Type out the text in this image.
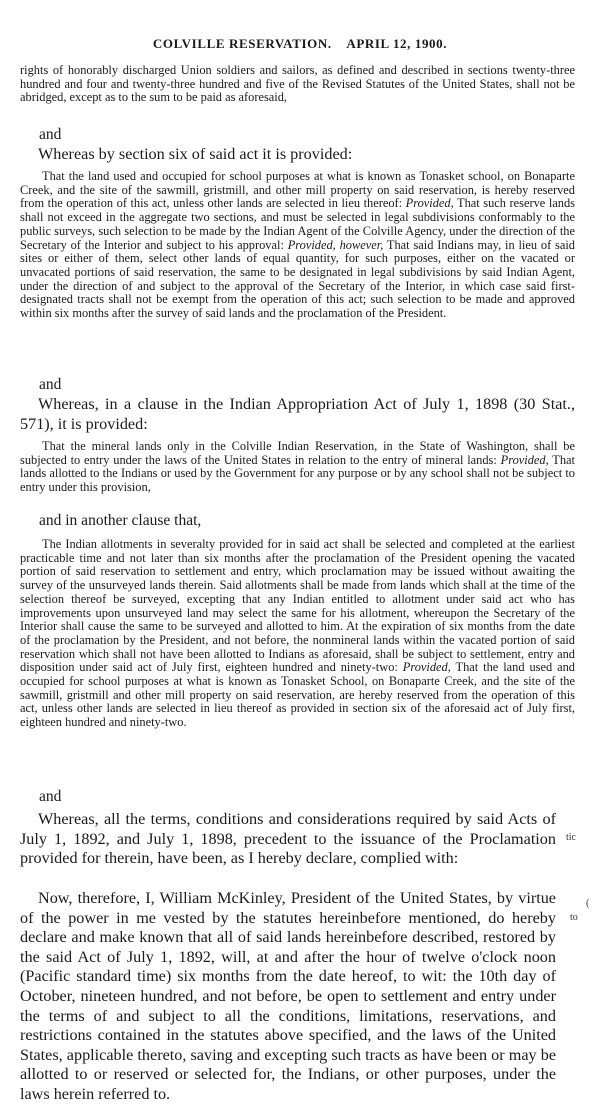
COLVILLE RESERVATION.    APRIL 12, 1900.
rights of honorably discharged Union soldiers and sailors, as defined and described in sections twenty-three hundred and four and twenty-three hundred and five of the Revised Statutes of the United States, shall not be abridged, except as to the sum to be paid as aforesaid,
and
Whereas by section six of said act it is provided:
That the land used and occupied for school purposes at what is known as Tonasket school, on Bonaparte Creek, and the site of the sawmill, gristmill, and other mill property on said reservation, is hereby reserved from the operation of this act, unless other lands are selected in lieu thereof: Provided, That such reserve lands shall not exceed in the aggregate two sections, and must be selected in legal subdivisions conformably to the public surveys, such selection to be made by the Indian Agent of the Colville Agency, under the direction of the Secretary of the Interior and subject to his approval: Provided, however, That said Indians may, in lieu of said sites or either of them, select other lands of equal quantity, for such purposes, either on the vacated or unvacated portions of said reservation, the same to be designated in legal subdivisions by said Indian Agent, under the direction of and subject to the approval of the Secretary of the Interior, in which case said first-designated tracts shall not be exempt from the operation of this act; such selection to be made and approved within six months after the survey of said lands and the proclamation of the President.
and
Whereas, in a clause in the Indian Appropriation Act of July 1, 1898 (30 Stat., 571), it is provided:
That the mineral lands only in the Colville Indian Reservation, in the State of Washington, shall be subjected to entry under the laws of the United States in relation to the entry of mineral lands: Provided, That lands allotted to the Indians or used by the Government for any purpose or by any school shall not be subject to entry under this provision,
and in another clause that,
The Indian allotments in severalty provided for in said act shall be selected and completed at the earliest practicable time and not later than six months after the proclamation of the President opening the vacated portion of said reservation to settlement and entry, which proclamation may be issued without awaiting the survey of the unsurveyed lands therein. Said allotments shall be made from lands which shall at the time of the selection thereof be surveyed, excepting that any Indian entitled to allotment under said act who has improvements upon unsurveyed land may select the same for his allotment, whereupon the Secretary of the Interior shall cause the same to be surveyed and allotted to him. At the expiration of six months from the date of the proclamation by the President, and not before, the nonmineral lands within the vacated portion of said reservation which shall not have been allotted to Indians as aforesaid, shall be subject to settlement, entry and disposition under said act of July first, eighteen hundred and ninety-two: Provided, That the land used and occupied for school purposes at what is known as Tonasket School, on Bonaparte Creek, and the site of the sawmill, gristmill and other mill property on said reservation, are hereby reserved from the operation of this act, unless other lands are selected in lieu thereof as provided in section six of the aforesaid act of July first, eighteen hundred and ninety-two.
and
Whereas, all the terms, conditions and considerations required by said Acts of July 1, 1892, and July 1, 1898, precedent to the issuance of the Proclamation provided for therein, have been, as I hereby declare, complied with:
Now, therefore, I, William McKinley, President of the United States, by virtue of the power in me vested by the statutes hereinbefore mentioned, do hereby declare and make known that all of said lands hereinbefore described, restored by the said Act of July 1, 1892, will, at and after the hour of twelve o'clock noon (Pacific standard time) six months from the date hereof, to wit: the 10th day of October, nineteen hundred, and not before, be open to settlement and entry under the terms of and subject to all the conditions, limitations, reservations, and restrictions contained in the statutes above specified, and the laws of the United States, applicable thereto, saving and excepting such tracts as have been or may be allotted to or reserved or selected for, the Indians, or other purposes, under the laws herein referred to.
tic
(
to
